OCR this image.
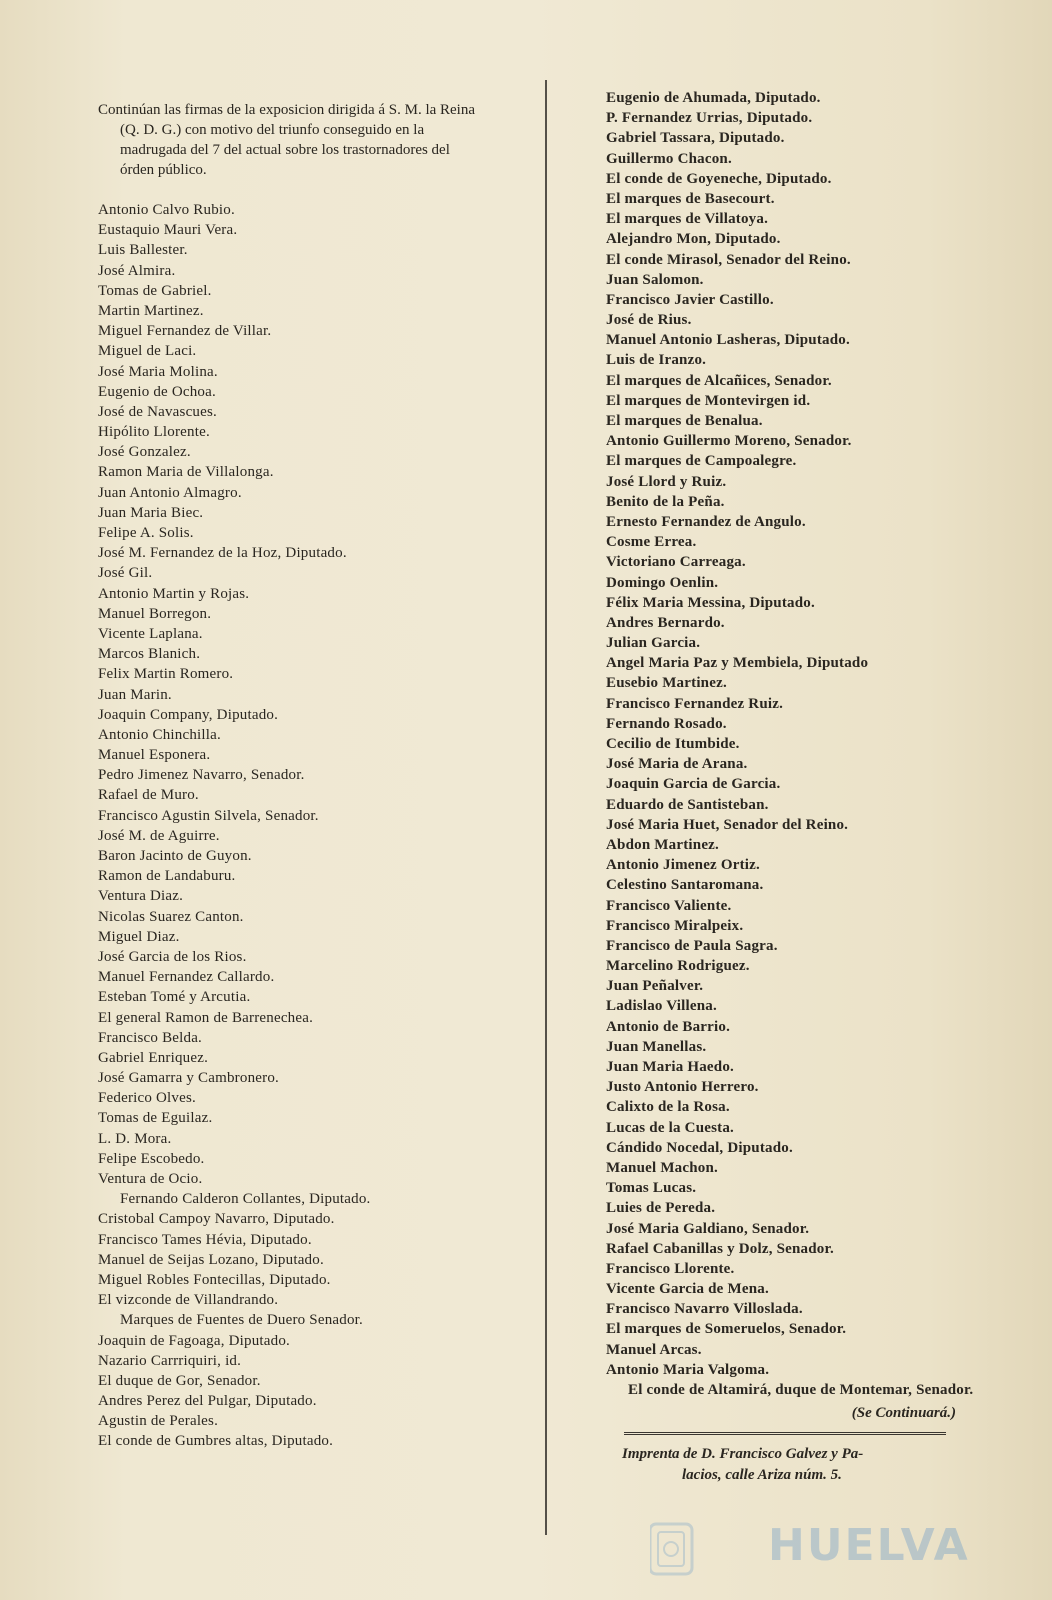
Continúan las firmas de la exposicion dirigida á S. M. la Reina (Q. D. G.) con motivo del triunfo conseguido en la madrugada del 7 del actual sobre los trastornadores del órden público.

Antonio Calvo Rubio.
Eustaquio Mauri Vera.
Luis Ballester.
José Almira.
Tomas de Gabriel.
Martin Martinez.
Miguel Fernandez de Villar.
Miguel de Laci.
José Maria Molina.
Eugenio de Ochoa.
José de Navascues.
Hipólito Llorente.
José Gonzalez.
Ramon Maria de Villalonga.
Juan Antonio Almagro.
Juan Maria Biec.
Felipe A. Solis.
José M. Fernandez de la Hoz, Diputado.
José Gil.
Antonio Martin y Rojas.
Manuel Borregon.
Vicente Laplana.
Marcos Blanich.
Felix Martin Romero.
Juan Marin.
Joaquin Company, Diputado.
Antonio Chinchilla.
Manuel Esponera.
Pedro Jimenez Navarro, Senador.
Rafael de Muro.
Francisco Agustin Silvela, Senador.
José M. de Aguirre.
Baron Jacinto de Guyon.
Ramon de Landaburu.
Ventura Diaz.
Nicolas Suarez Canton.
Miguel Diaz.
José Garcia de los Rios.
Manuel Fernandez Callardo.
Esteban Tomé y Arcutia.
El general Ramon de Barrenechea.
Francisco Belda.
Gabriel Enriquez.
José Gamarra y Cambronero.
Federico Olves.
Tomas de Eguilaz.
L. D. Mora.
Felipe Escobedo.
Ventura de Ocio.
Fernando Calderon Collantes, Diputado.
Cristobal Campoy Navarro, Diputado.
Francisco Tames Hévia, Diputado.
Manuel de Seijas Lozano, Diputado.
Miguel Robles Fontecillas, Diputado.
El vizconde de Villandrando.
Marques de Fuentes de Duero Senador.
Joaquin de Fagoaga, Diputado.
Nazario Carrriquiri, id.
El duque de Gor, Senador.
Andres Perez del Pulgar, Diputado.
Agustin de Perales.
El conde de Gumbres altas, Diputado.
Eugenio de Ahumada, Diputado.
P. Fernandez Urrias, Diputado.
Gabriel Tassara, Diputado.
Guillermo Chacon.
El conde de Goyeneche, Diputado.
El marques de Basecourt.
El marques de Villatoya.
Alejandro Mon, Diputado.
El conde Mirasol, Senador del Reino.
Juan Salomon.
Francisco Javier Castillo.
José de Rius.
Manuel Antonio Lasheras, Diputado.
Luis de Iranzo.
El marques de Alcañices, Senador.
El marques de Montevirgen id.
El marques de Benalua.
Antonio Guillermo Moreno, Senador.
El marques de Campoalegre.
José Llord y Ruiz.
Benito de la Peña.
Ernesto Fernandez de Angulo.
Cosme Errea.
Victoriano Carreaga.
Domingo Oenlin.
Félix Maria Messina, Diputado.
Andres Bernardo.
Julian Garcia.
Angel Maria Paz y Membiela, Diputado
Eusebio Martinez.
Francisco Fernandez Ruiz.
Fernando Rosado.
Cecilio de Itumbide.
José Maria de Arana.
Joaquin Garcia de Garcia.
Eduardo de Santisteban.
José Maria Huet, Senador del Reino.
Abdon Martinez.
Antonio Jimenez Ortiz.
Celestino Santaromana.
Francisco Valiente.
Francisco Miralpeix.
Francisco de Paula Sagra.
Marcelino Rodriguez.
Juan Peñalver.
Ladislao Villena.
Antonio de Barrio.
Juan Manellas.
Juan Maria Haedo.
Justo Antonio Herrero.
Calixto de la Rosa.
Lucas de la Cuesta.
Cándido Nocedal, Diputado.
Manuel Machon.
Tomas Lucas.
Luies de Pereda.
José Maria Galdiano, Senador.
Rafael Cabanillas y Dolz, Senador.
Francisco Llorente.
Vicente Garcia de Mena.
Francisco Navarro Villoslada.
El marques de Someruelos, Senador.
Manuel Arcas.
Antonio Maria Valgoma.
El conde de Altamirá, duque de Montemar, Senador.
(Se Continuará.)
Imprenta de D. Francisco Galvez y Pa-
lacios, calle Ariza núm. 5.
HUELVA
